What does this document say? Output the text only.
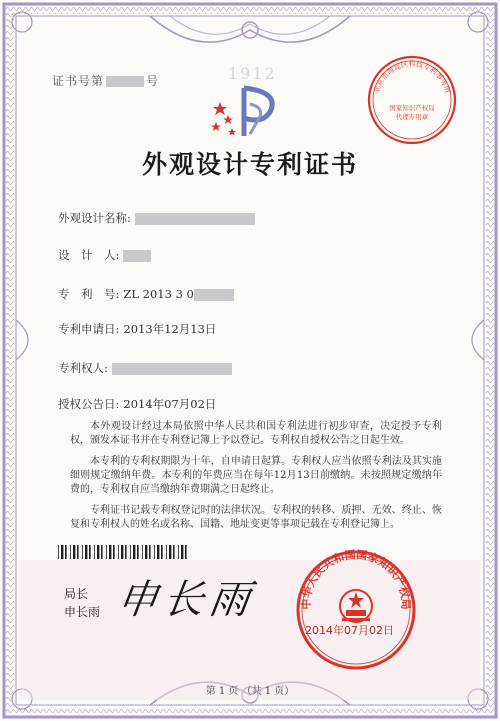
证书号第	号	1912
北京市海淀区科技专利事务所
国家知识产权局
代理专用章
外观设计专利证书
外观设计名称:
设　计　人:
专　利　号: ZL 2013 3 0
专利申请日: 2013年12月13日
专利权人:
授权公告日: 2014年07月02日

本外观设计经过本局依照中华人民共和国专利法进行初步审查，决定授予专利权，颁发本证书并在专利登记簿上予以登记。专利权自授权公告之日起生效。

本专利的专利权期限为十年，自申请日起算。专利权人应当依照专利法及其实施细则规定缴纳年费。本专利的年费应当在每年12月13日前缴纳。未按照规定缴纳年费的，专利权自应当缴纳年费期满之日起终止。

专利证书记载专利权登记时的法律状况。专利权的转移、质押、无效、终止、恢复和专利权人的姓名或名称、国籍、地址变更等事项记载在专利登记簿上。

局长
申长雨 申长雨	中华人民共和国国家知识产权局
2014年07月02日
第 1 页 （共 1 页）
